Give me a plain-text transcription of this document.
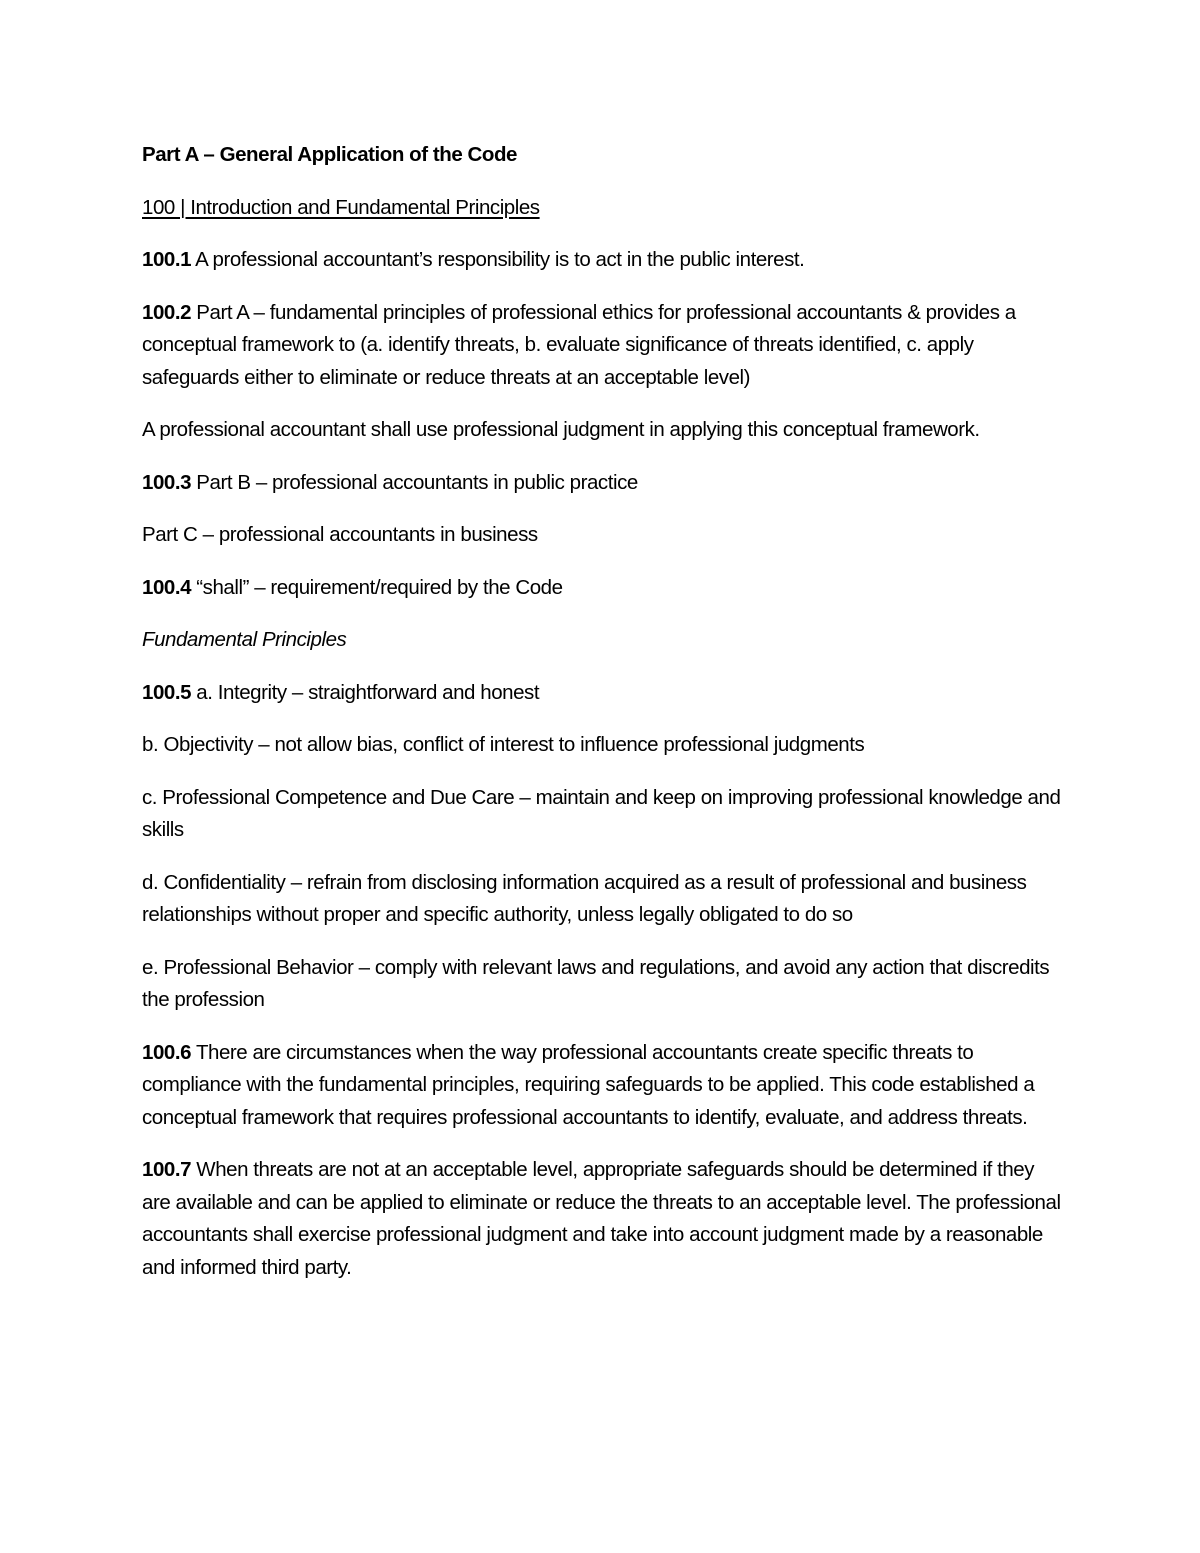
Part A – General Application of the Code

100 | Introduction and Fundamental Principles

100.1 A professional accountant’s responsibility is to act in the public interest.

100.2 Part A – fundamental principles of professional ethics for professional accountants & provides a conceptual framework to (a. identify threats, b. evaluate significance of threats identified, c. apply safeguards either to eliminate or reduce threats at an acceptable level)

A professional accountant shall use professional judgment in applying this conceptual framework.

100.3 Part B – professional accountants in public practice

Part C – professional accountants in business

100.4 “shall” – requirement/required by the Code

Fundamental Principles

100.5 a. Integrity – straightforward and honest

b. Objectivity – not allow bias, conflict of interest to influence professional judgments

c. Professional Competence and Due Care – maintain and keep on improving professional knowledge and skills

d. Confidentiality – refrain from disclosing information acquired as a result of professional and business relationships without proper and specific authority, unless legally obligated to do so

e. Professional Behavior – comply with relevant laws and regulations, and avoid any action that discredits the profession

100.6 There are circumstances when the way professional accountants create specific threats to compliance with the fundamental principles, requiring safeguards to be applied. This code established a conceptual framework that requires professional accountants to identify, evaluate, and address threats.

100.7 When threats are not at an acceptable level, appropriate safeguards should be determined if they are available and can be applied to eliminate or reduce the threats to an acceptable level. The professional accountants shall exercise professional judgment and take into account judgment made by a reasonable and informed third party.
